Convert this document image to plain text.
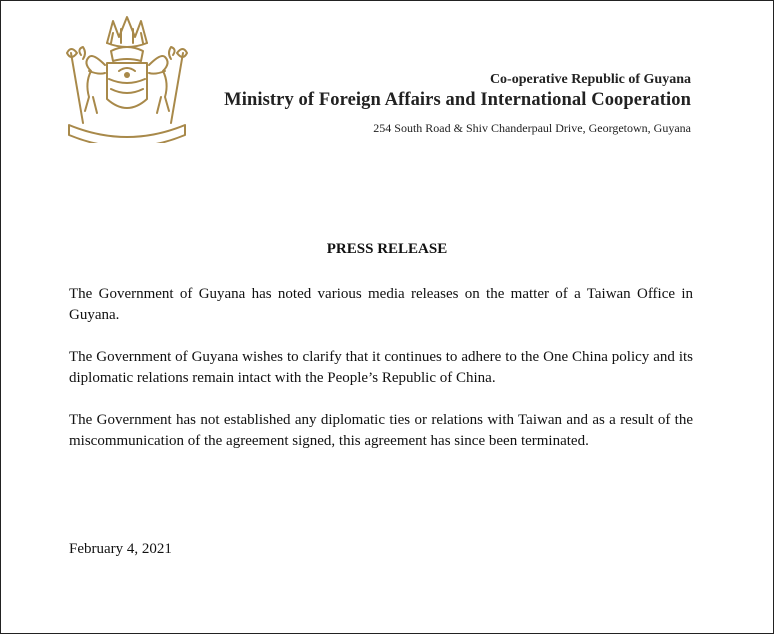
Co-operative Republic of Guyana
Ministry of Foreign Affairs and International Cooperation
254 South Road & Shiv Chanderpaul Drive, Georgetown, Guyana
PRESS RELEASE

The Government of Guyana has noted various media releases on the matter of a Taiwan Office in Guyana.

The Government of Guyana wishes to clarify that it continues to adhere to the One China policy and its diplomatic relations remain intact with the People’s Republic of China.

The Government has not established any diplomatic ties or relations with Taiwan and as a result of the miscommunication of the agreement signed, this agreement has since been terminated.

February 4, 2021
